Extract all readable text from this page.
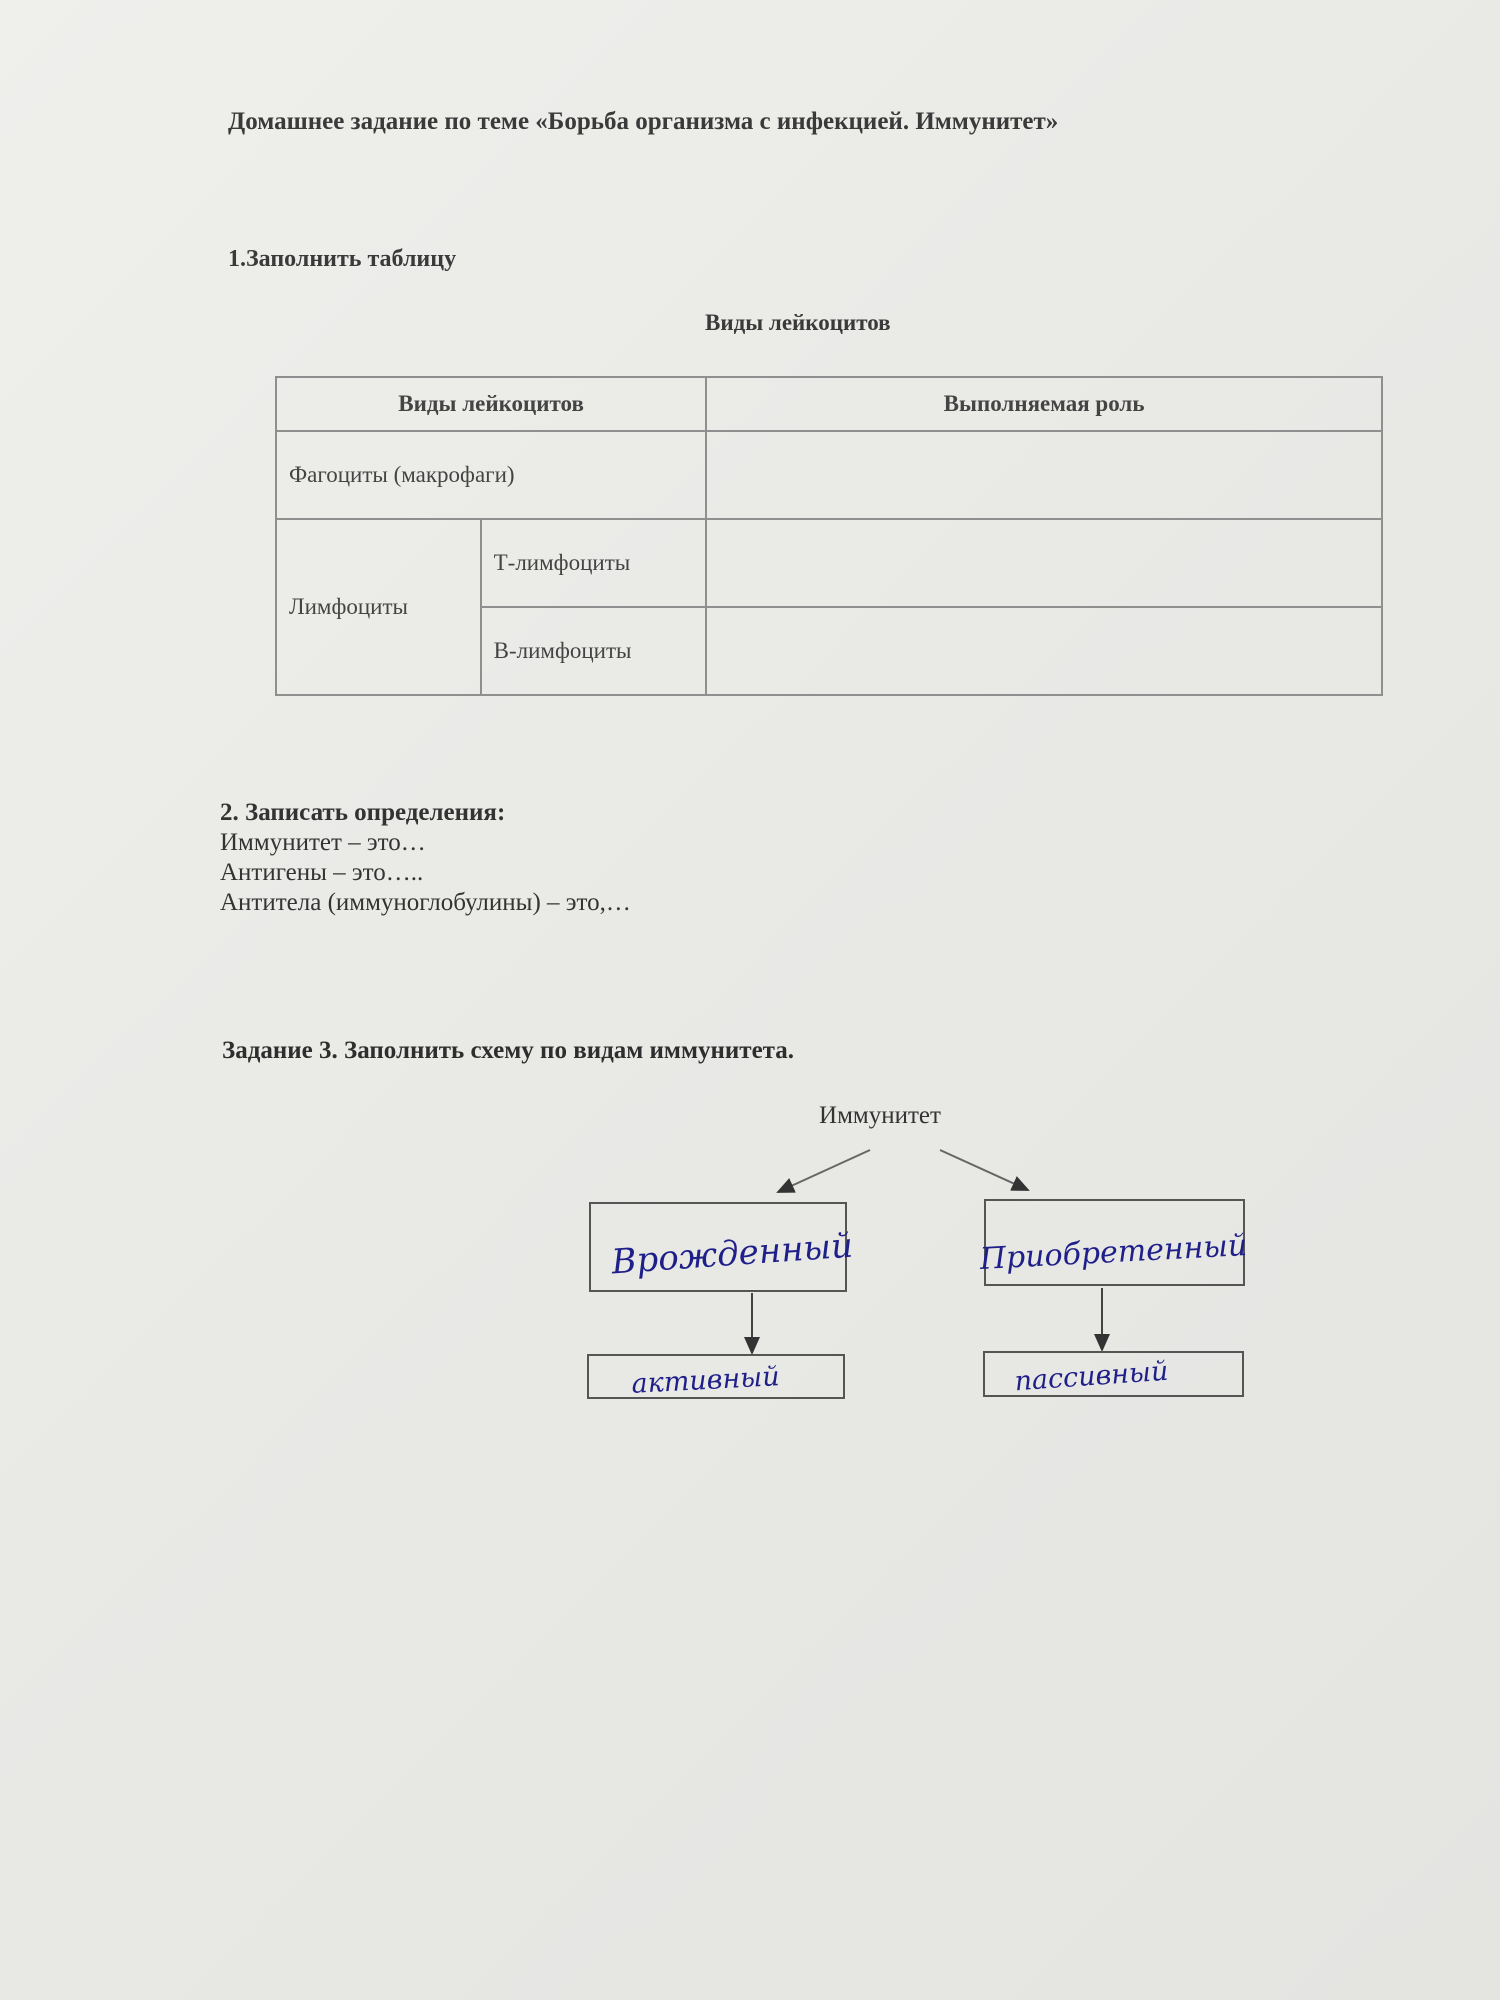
Домашнее задание по теме «Борьба организма с инфекцией. Иммунитет»
1.Заполнить таблицу
Виды лейкоцитов
Виды лейкоцитов		Выполняемая роль
Фагоциты (макрофаги)		
Лимфоциты	Т-лимфоциты	
	В-лимфоциты	
2. Записать определения:
Иммунитет – это…
Антигены – это…..
Антитела (иммуноглобулины) – это,…
Задание 3. Заполнить схему по видам иммунитета.
Иммунитет
Врожденный	Приобретенный
активный	пассивный
